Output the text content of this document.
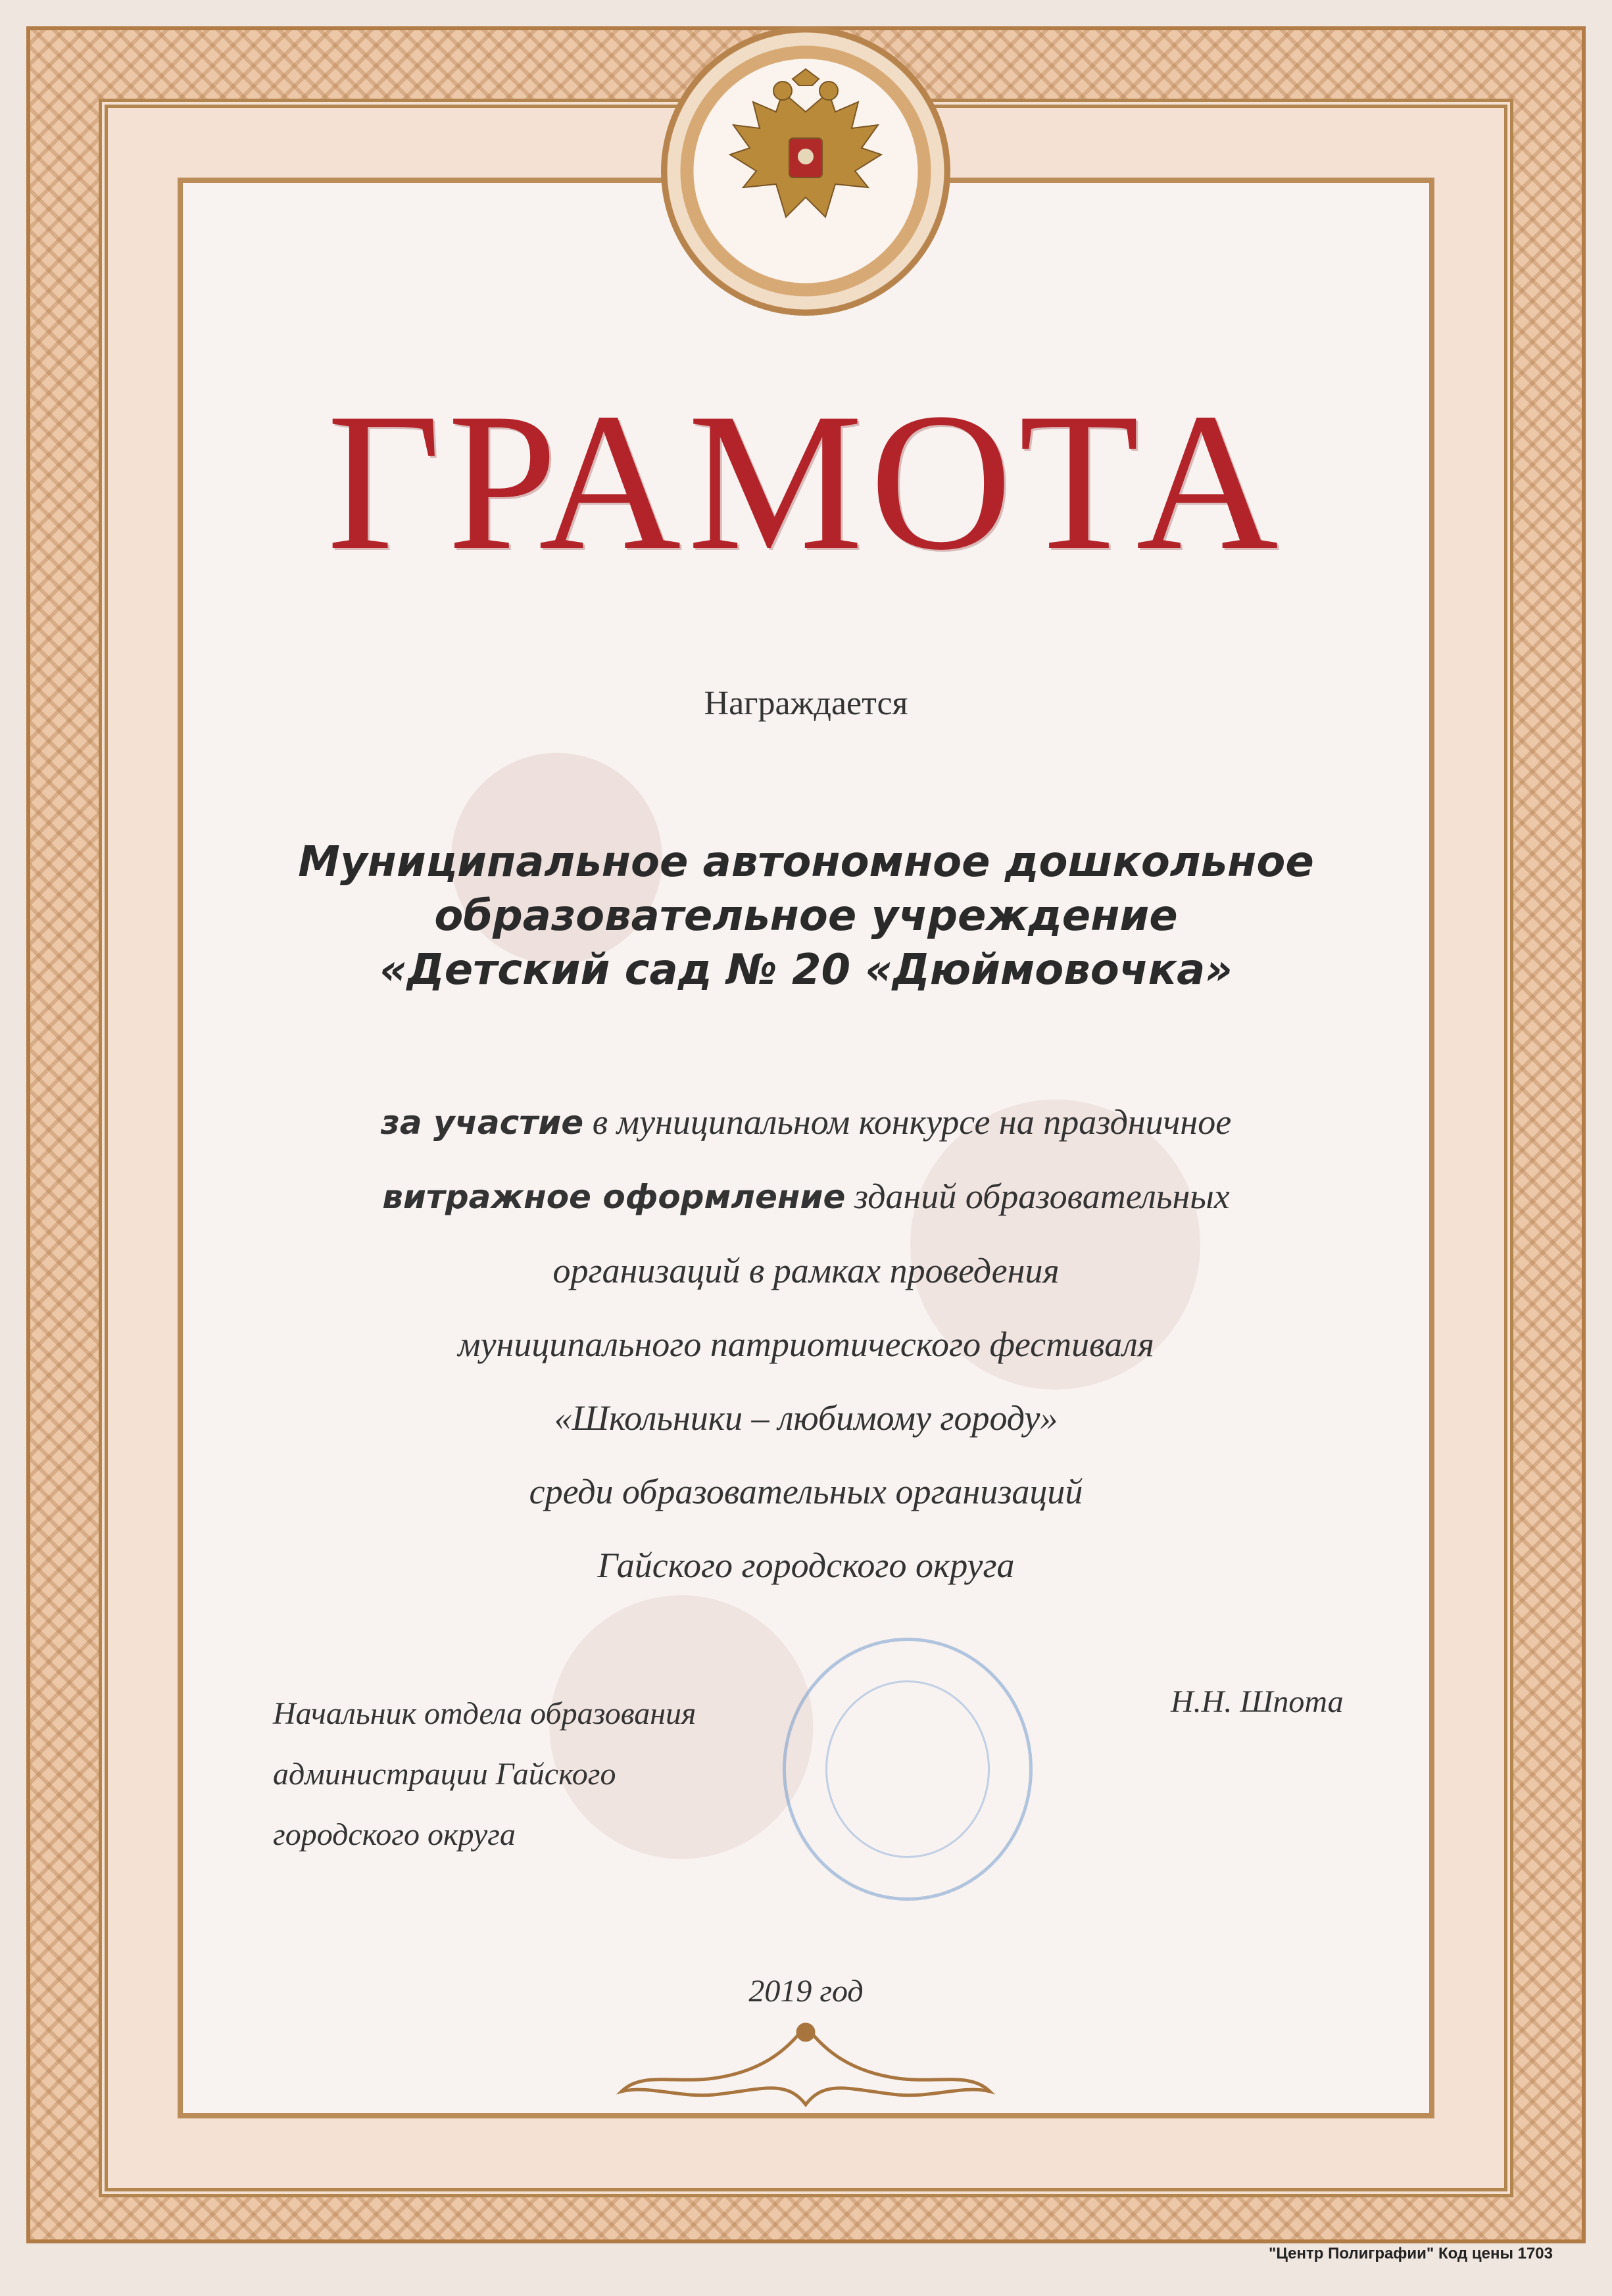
ГРАМОТА
Награждается
Муниципальное автономное дошкольное
образовательное учреждение
«Детский сад № 20 «Дюймовочка»
за участие в муниципальном конкурсе на праздничное
витражное оформление зданий образовательных
организаций в рамках проведения
муниципального патриотического фестиваля
«Школьники – любимому городу»
среди образовательных организаций
Гайского городского округа
Начальник отдела образования
администрации Гайского
городского округа
Н.Н. Шпота
2019 год
"Центр Полиграфии" Код цены 1703
